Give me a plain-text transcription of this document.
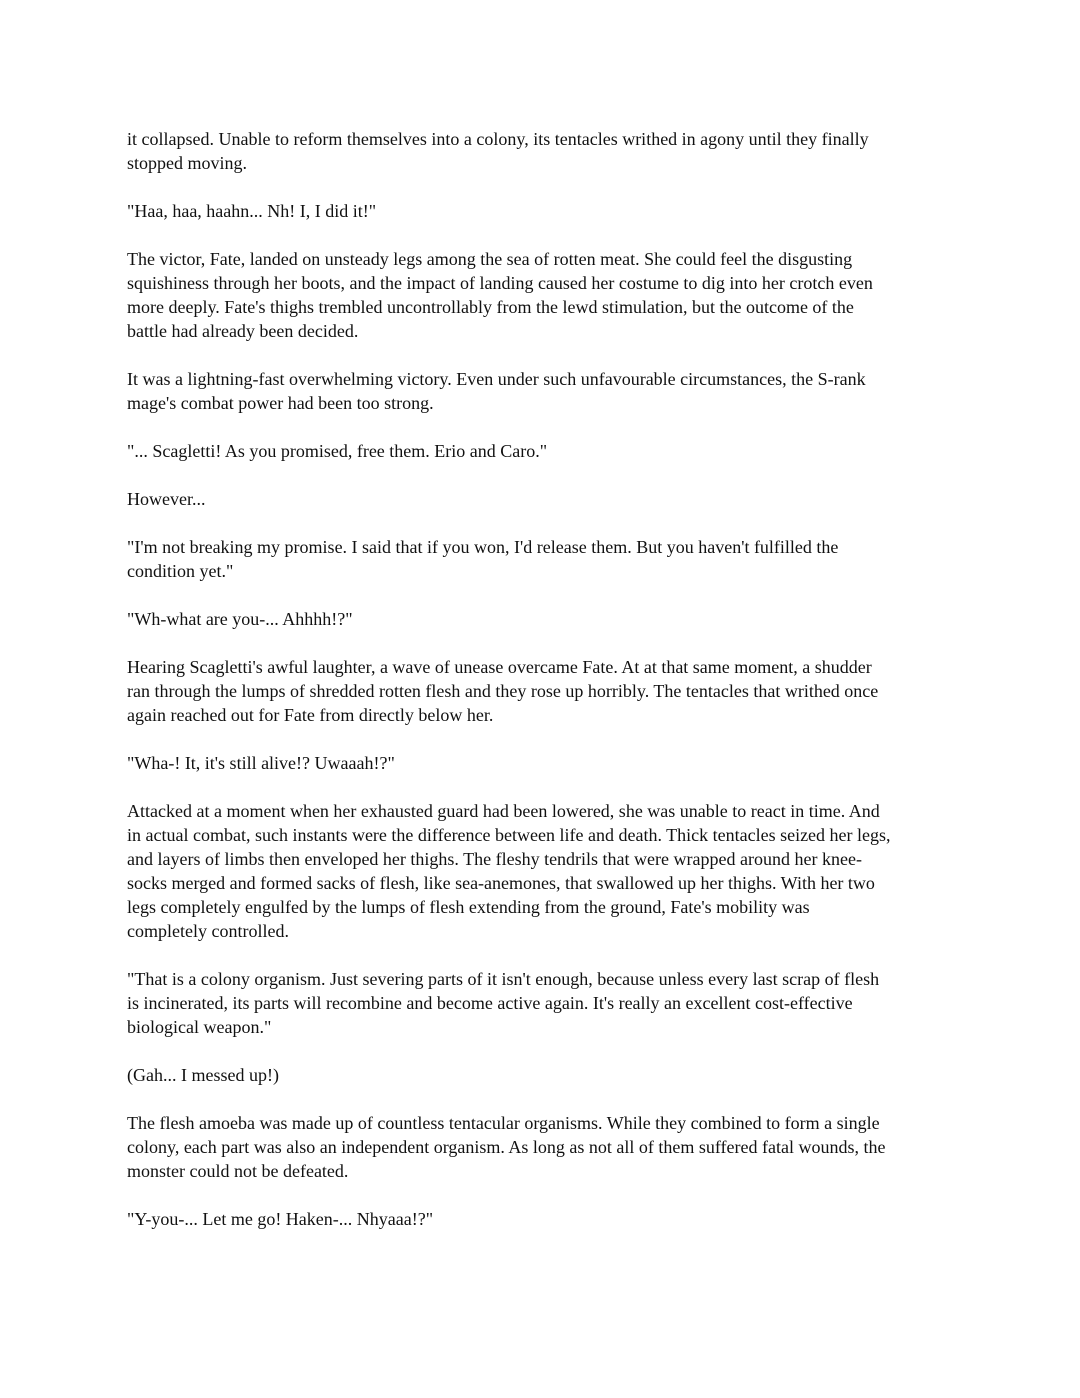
it collapsed. Unable to reform themselves into a colony, its tentacles writhed in agony until they finally
stopped moving.

"Haa, haa, haahn... Nh! I, I did it!"

The victor, Fate, landed on unsteady legs among the sea of rotten meat. She could feel the disgusting
squishiness through her boots, and the impact of landing caused her costume to dig into her crotch even
more deeply. Fate's thighs trembled uncontrollably from the lewd stimulation, but the outcome of the
battle had already been decided.

It was a lightning-fast overwhelming victory. Even under such unfavourable circumstances, the S-rank
mage's combat power had been too strong.

"... Scagletti! As you promised, free them. Erio and Caro."

However...

"I'm not breaking my promise. I said that if you won, I'd release them. But you haven't fulfilled the
condition yet."

"Wh-what are you-... Ahhhh!?"

Hearing Scagletti's awful laughter, a wave of unease overcame Fate. At at that same moment, a shudder
ran through the lumps of shredded rotten flesh and they rose up horribly. The tentacles that writhed once
again reached out for Fate from directly below her.

"Wha-! It, it's still alive!? Uwaaah!?"

Attacked at a moment when her exhausted guard had been lowered, she was unable to react in time. And
in actual combat, such instants were the difference between life and death. Thick tentacles seized her legs,
and layers of limbs then enveloped her thighs. The fleshy tendrils that were wrapped around her knee-
socks merged and formed sacks of flesh, like sea-anemones, that swallowed up her thighs. With her two
legs completely engulfed by the lumps of flesh extending from the ground, Fate's mobility was
completely controlled.

"That is a colony organism. Just severing parts of it isn't enough, because unless every last scrap of flesh
is incinerated, its parts will recombine and become active again. It's really an excellent cost-effective
biological weapon."

(Gah... I messed up!)

The flesh amoeba was made up of countless tentacular organisms. While they combined to form a single
colony, each part was also an independent organism. As long as not all of them suffered fatal wounds, the
monster could not be defeated.

"Y-you-... Let me go! Haken-... Nhyaaa!?"
